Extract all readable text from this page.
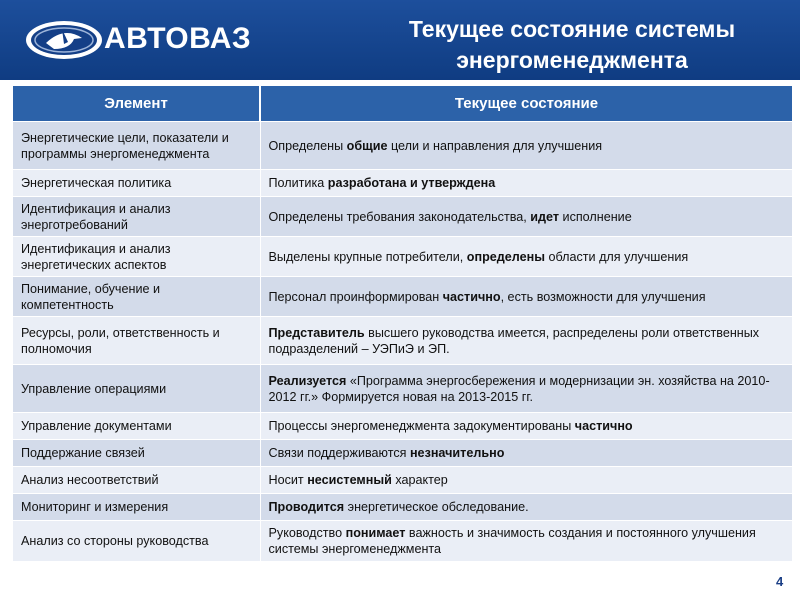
АВТОВАЗ	Текущее состояние системы
энергоменеджмента
Элемент	Текущее состояние
Энергетические цели, показатели и программы энергоменеджмента	Определены общие цели и направления для улучшения
Энергетическая политика	Политика разработана и утверждена
Идентификация и анализ энерготребований	Определены требования законодательства, идет исполнение
Идентификация и анализ энергетических аспектов	Выделены крупные потребители, определены области для улучшения
Понимание, обучение и компетентность	Персонал проинформирован частично, есть возможности для улучшения
Ресурсы, роли, ответственность и полномочия	Представитель высшего руководства имеется, распределены роли ответственных подразделений – УЭПиЭ и ЭП.
Управление операциями	Реализуется «Программа энергосбережения и модернизации эн. хозяйства на 2010-2012 гг.» Формируется новая на 2013-2015 гг.
Управление документами	Процессы энергоменеджмента задокументированы частично
Поддержание связей	Связи поддерживаются незначительно
Анализ несоответствий	Носит несистемный характер
Мониторинг и измерения	Проводится энергетическое обследование.
Анализ со стороны руководства	Руководство понимает важность и значимость создания и постоянного улучшения системы энергоменеджмента
4
